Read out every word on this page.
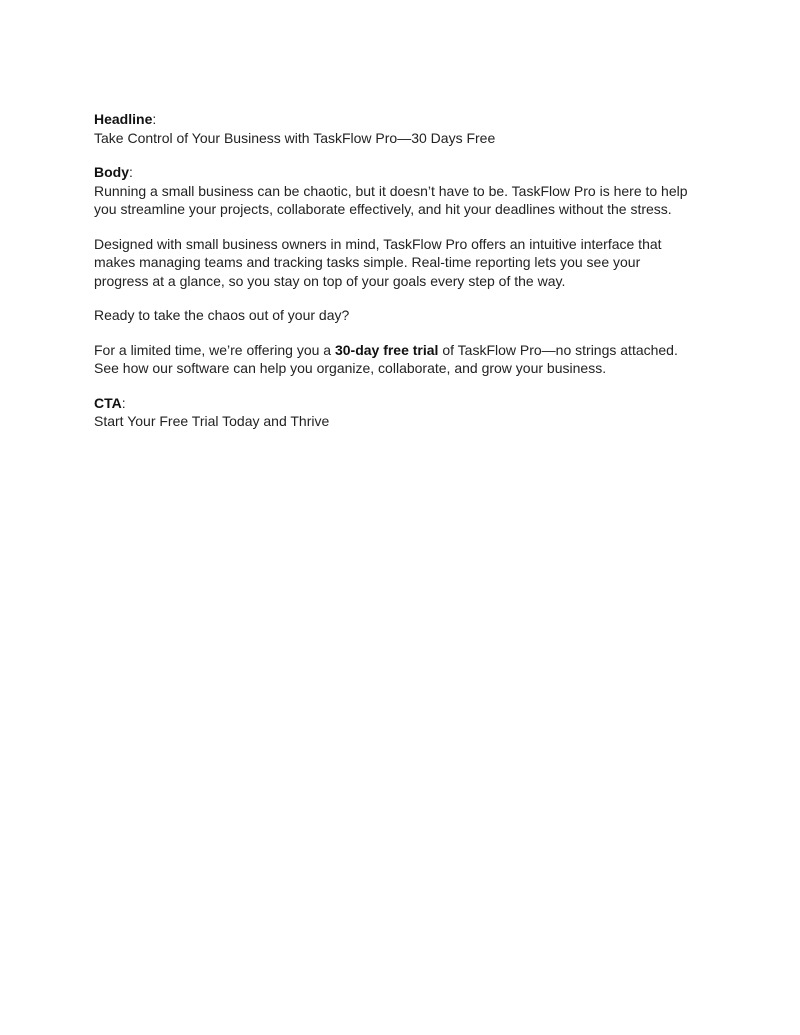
Headline:
Take Control of Your Business with TaskFlow Pro—30 Days Free
Body:
Running a small business can be chaotic, but it doesn’t have to be. TaskFlow Pro is here to help
you streamline your projects, collaborate effectively, and hit your deadlines without the stress.
Designed with small business owners in mind, TaskFlow Pro offers an intuitive interface that
makes managing teams and tracking tasks simple. Real-time reporting lets you see your
progress at a glance, so you stay on top of your goals every step of the way.
Ready to take the chaos out of your day?
For a limited time, we’re offering you a 30-day free trial of TaskFlow Pro—no strings attached.
See how our software can help you organize, collaborate, and grow your business.
CTA:
Start Your Free Trial Today and Thrive
